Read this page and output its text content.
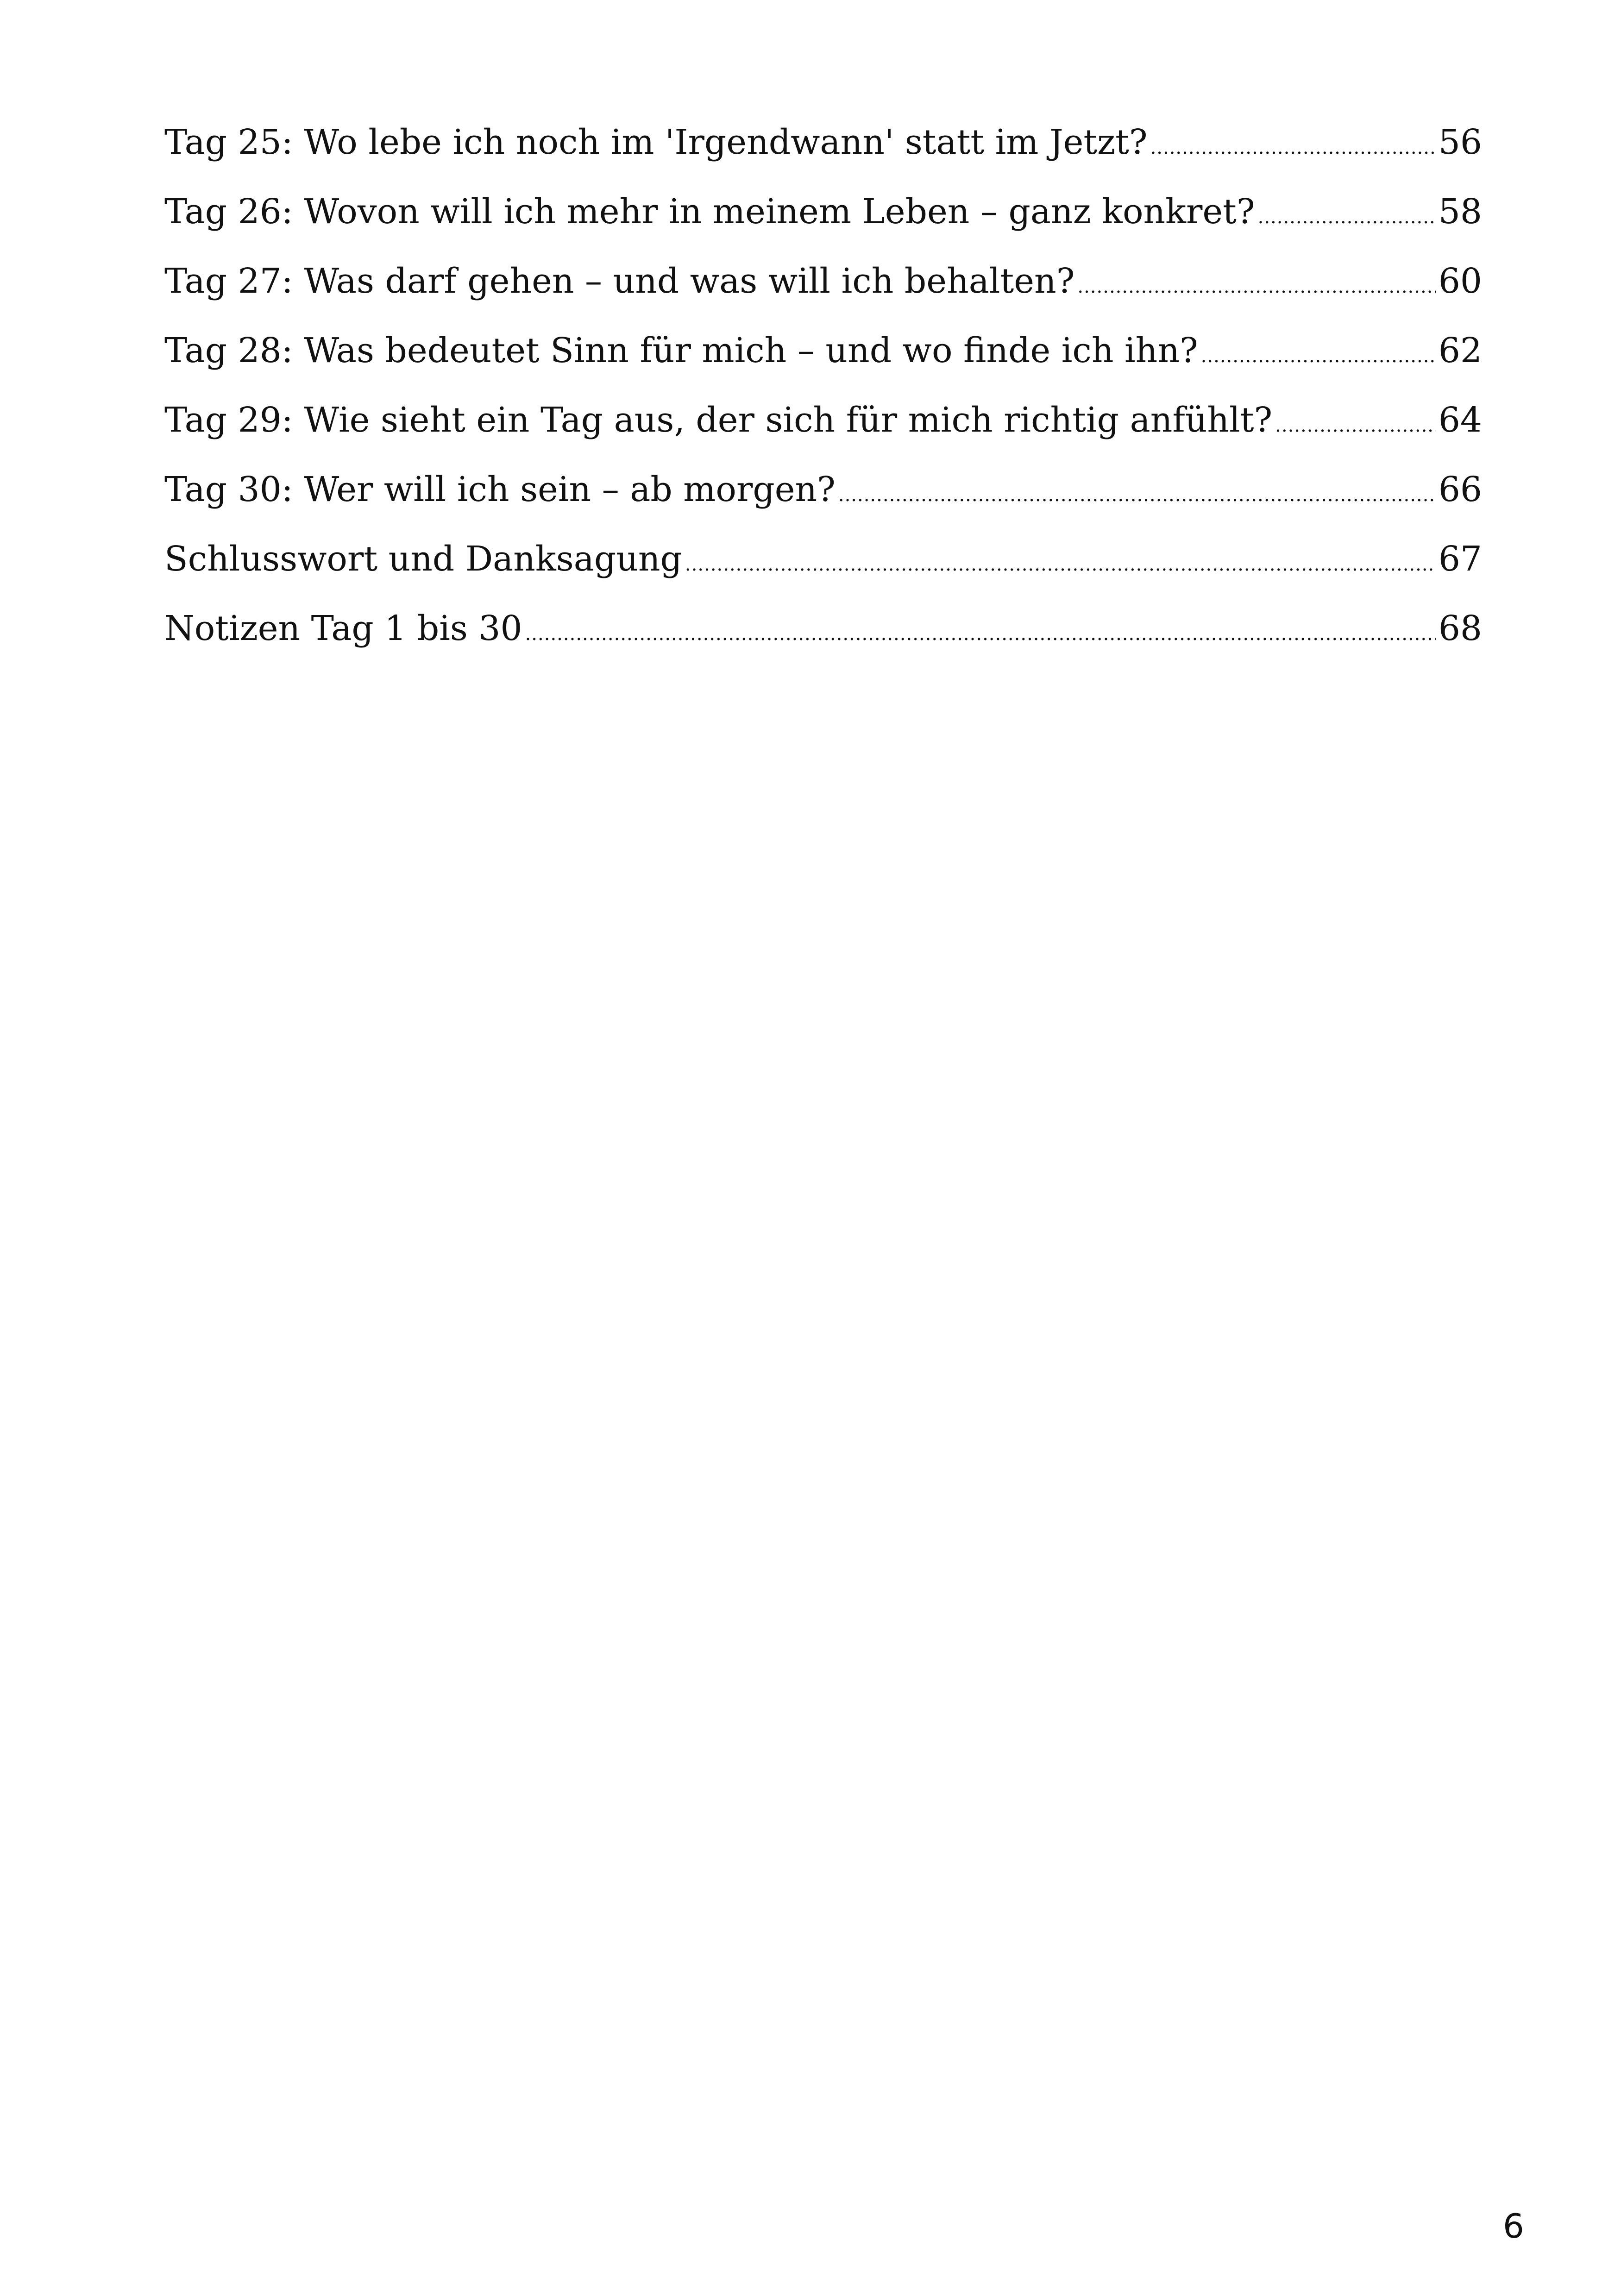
Tag 25: Wo lebe ich noch im 'Irgendwann' statt im Jetzt? .....	56
Tag 26: Wovon will ich mehr in meinem Leben – ganz konkret? .....	58
Tag 27: Was darf gehen – und was will ich behalten? .....	60
Tag 28: Was bedeutet Sinn für mich – und wo finde ich ihn? .....	62
Tag 29: Wie sieht ein Tag aus, der sich für mich richtig anfühlt? .....	64
Tag 30: Wer will ich sein – ab morgen? .....	66
Schlusswort und Danksagung .....	67
Notizen Tag 1 bis 30 .....	68
6
